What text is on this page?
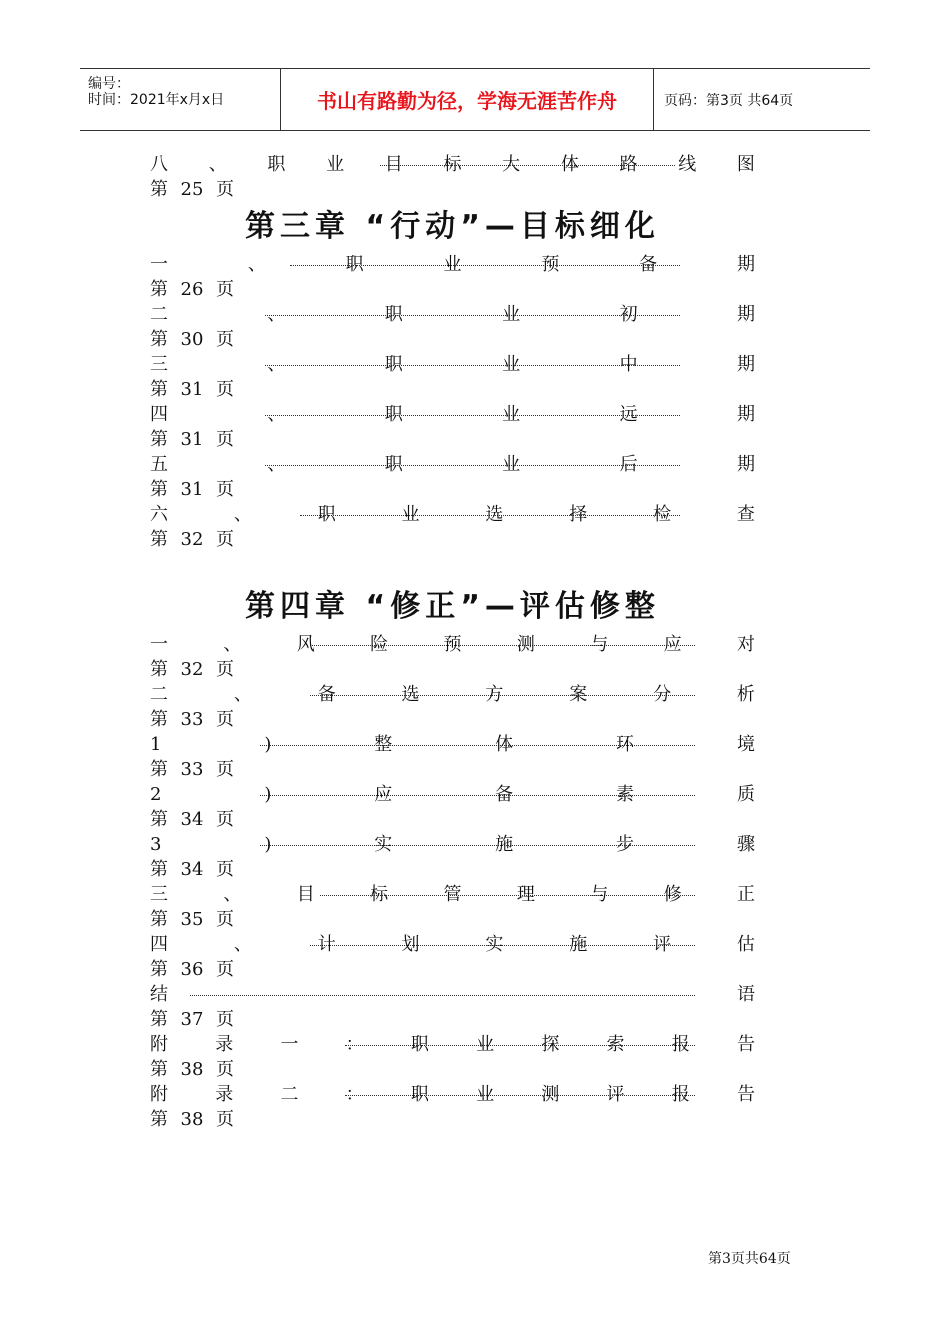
编号：
时间：2021年x月x日	书山有路勤为径，学海无涯苦作舟	页码：第3页 共64页
八 、 职 业 目 标 大 体 路 线 图
第 25 页
第三章 “行动”—目标细化
一	、	职	业	预	备	期
第 26 页
二	、	职	业	初	期
第 30 页
三	、	职	业	中	期
第 31 页
四	、	职	业	远	期
第 31 页
五	、	职	业	后	期
第 31 页
六	、	职	业	选	择	检	查
第 32 页
第四章 “修正”—评估修整
一	、	风	险	预	测	与	应	对
第 32 页
二	、	备	选	方	案	分	析
第 33 页
1	)	整	体	环	境
第 33 页
2	)	应	备	素	质
第 34 页
3	)	实	施	步	骤
第 34 页
三	、	目	标	管	理	与	修	正
第 35 页
四	、	计	划	实	施	评	估
第 36 页
结	语
第 37 页
附	录	一	：	职	业	探	索	报	告
第 38 页
附	录	二	：	职	业	测	评	报	告
第 38 页
第3页共64页
